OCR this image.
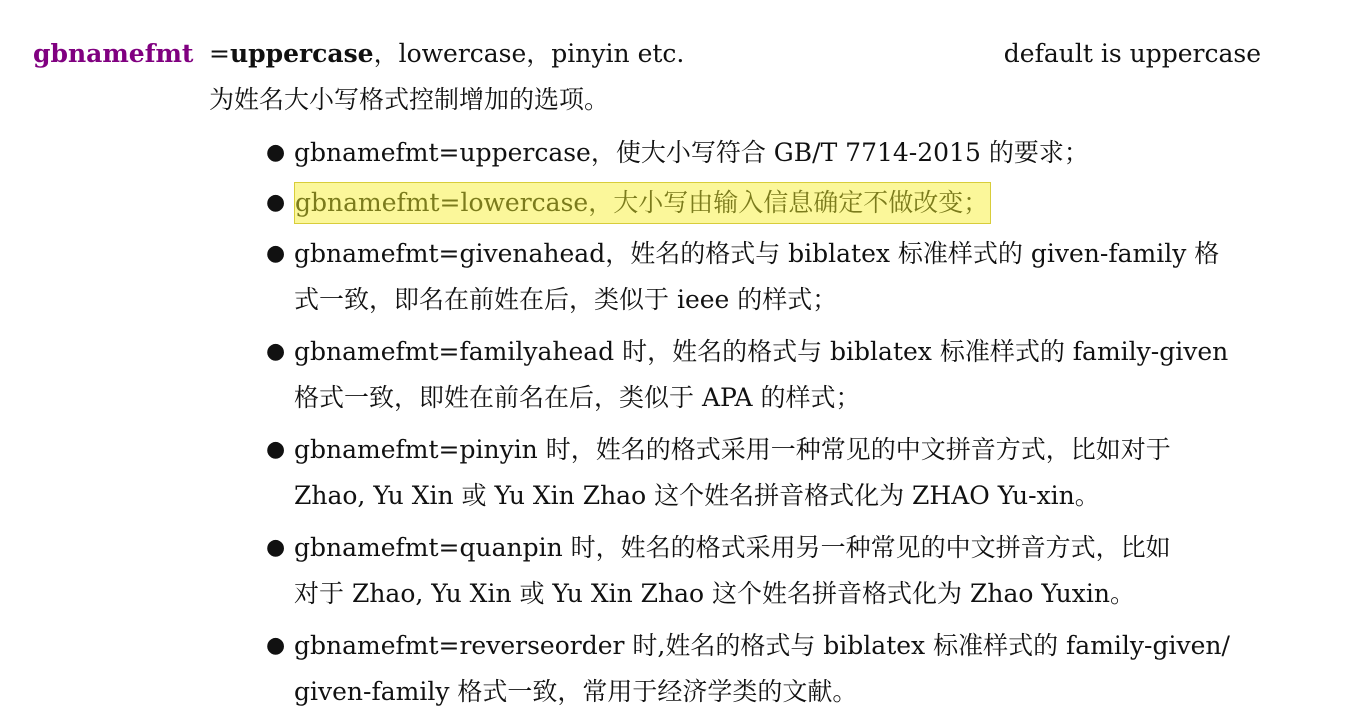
gbnamefmt =uppercase，lowercase，pinyin etc.	default is uppercase
为姓名大小写格式控制增加的选项。
● gbnamefmt=uppercase，使大小写符合 GB/T 7714-2015 的要求；
● gbnamefmt=lowercase，大小写由输入信息确定不做改变；
● gbnamefmt=givenahead，姓名的格式与 biblatex 标准样式的 given-family 格
式一致，即名在前姓在后，类似于 ieee 的样式；
● gbnamefmt=familyahead 时，姓名的格式与 biblatex 标准样式的 family-given
格式一致，即姓在前名在后，类似于 APA 的样式；
● gbnamefmt=pinyin 时，姓名的格式采用一种常见的中文拼音方式，比如对于
Zhao, Yu Xin 或 Yu Xin Zhao 这个姓名拼音格式化为 ZHAO Yu-xin。
● gbnamefmt=quanpin 时，姓名的格式采用另一种常见的中文拼音方式，比如
对于 Zhao, Yu Xin 或 Yu Xin Zhao 这个姓名拼音格式化为 Zhao Yuxin。
● gbnamefmt=reverseorder 时,姓名的格式与 biblatex 标准样式的 family-given/
given-family 格式一致，常用于经济学类的文献。
